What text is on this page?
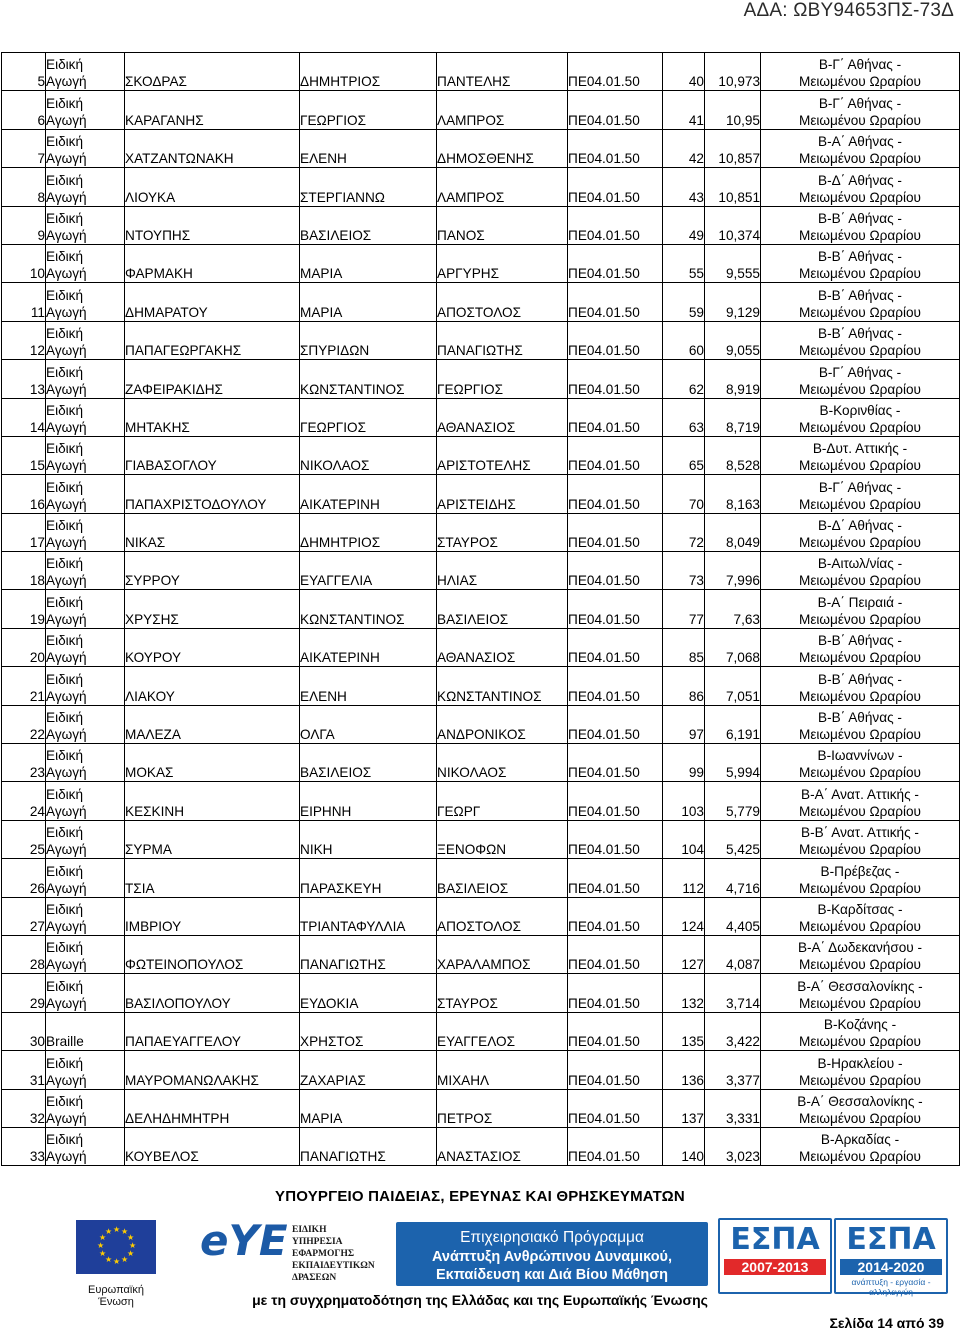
ΑΔΑ: ΩΒΥ94653ΠΣ-73Δ
5	Ειδική
Αγωγή	ΣΚΟΔΡΑΣ	ΔΗΜΗΤΡΙΟΣ	ΠΑΝΤΕΛΗΣ	ΠΕ04.01.50	40	10,973	Β-Γ΄ Αθήνας -
Μειωμένου Ωραρίου

6	Ειδική
Αγωγή	ΚΑΡΑΓΑΝΗΣ	ΓΕΩΡΓΙΟΣ	ΛΑΜΠΡΟΣ	ΠΕ04.01.50	41	10,95	Β-Γ΄ Αθήνας -
Μειωμένου Ωραρίου

7	Ειδική
Αγωγή	ΧΑΤΖΑΝΤΩΝΑΚΗ	ΕΛΕΝΗ	ΔΗΜΟΣΘΕΝΗΣ	ΠΕ04.01.50	42	10,857	Β-Α΄ Αθήνας -
Μειωμένου Ωραρίου

8	Ειδική
Αγωγή	ΛΙΟΥΚΑ	ΣΤΕΡΓΙΑΝΝΩ	ΛΑΜΠΡΟΣ	ΠΕ04.01.50	43	10,851	Β-Δ΄ Αθήνας -
Μειωμένου Ωραρίου

9	Ειδική
Αγωγή	ΝΤΟΥΠΗΣ	ΒΑΣΙΛΕΙΟΣ	ΠΑΝΟΣ	ΠΕ04.01.50	49	10,374	Β-Β΄ Αθήνας -
Μειωμένου Ωραρίου

10	Ειδική
Αγωγή	ΦΑΡΜΑΚΗ	ΜΑΡΙΑ	ΑΡΓΥΡΗΣ	ΠΕ04.01.50	55	9,555	Β-Β΄ Αθήνας -
Μειωμένου Ωραρίου

11	Ειδική
Αγωγή	ΔΗΜΑΡΑΤΟΥ	ΜΑΡΙΑ	ΑΠΟΣΤΟΛΟΣ	ΠΕ04.01.50	59	9,129	Β-Β΄ Αθήνας -
Μειωμένου Ωραρίου

12	Ειδική
Αγωγή	ΠΑΠΑΓΕΩΡΓΑΚΗΣ	ΣΠΥΡΙΔΩΝ	ΠΑΝΑΓΙΩΤΗΣ	ΠΕ04.01.50	60	9,055	Β-Β΄ Αθήνας -
Μειωμένου Ωραρίου

13	Ειδική
Αγωγή	ΖΑΦΕΙΡΑΚΙΔΗΣ	ΚΩΝΣΤΑΝΤΙΝΟΣ	ΓΕΩΡΓΙΟΣ	ΠΕ04.01.50	62	8,919	Β-Γ΄ Αθήνας -
Μειωμένου Ωραρίου

14	Ειδική
Αγωγή	ΜΗΤΑΚΗΣ	ΓΕΩΡΓΙΟΣ	ΑΘΑΝΑΣΙΟΣ	ΠΕ04.01.50	63	8,719	Β-Κορινθίας -
Μειωμένου Ωραρίου

15	Ειδική
Αγωγή	ΓΙΑΒΑΣΟΓΛΟΥ	ΝΙΚΟΛΑΟΣ	ΑΡΙΣΤΟΤΕΛΗΣ	ΠΕ04.01.50	65	8,528	Β-Δυτ. Αττικής -
Μειωμένου Ωραρίου

16	Ειδική
Αγωγή	ΠΑΠΑΧΡΙΣΤΟΔΟΥΛΟΥ	ΑΙΚΑΤΕΡΙΝΗ	ΑΡΙΣΤΕΙΔΗΣ	ΠΕ04.01.50	70	8,163	Β-Γ΄ Αθήνας -
Μειωμένου Ωραρίου

17	Ειδική
Αγωγή	ΝΙΚΑΣ	ΔΗΜΗΤΡΙΟΣ	ΣΤΑΥΡΟΣ	ΠΕ04.01.50	72	8,049	Β-Δ΄ Αθήνας -
Μειωμένου Ωραρίου

18	Ειδική
Αγωγή	ΣΥΡΡΟΥ	ΕΥΑΓΓΕΛΙΑ	ΗΛΙΑΣ	ΠΕ04.01.50	73	7,996	Β-Αιτωλ/νίας -
Μειωμένου Ωραρίου

19	Ειδική
Αγωγή	ΧΡΥΣΗΣ	ΚΩΝΣΤΑΝΤΙΝΟΣ	ΒΑΣΙΛΕΙΟΣ	ΠΕ04.01.50	77	7,63	Β-Α΄ Πειραιά -
Μειωμένου Ωραρίου

20	Ειδική
Αγωγή	ΚΟΥΡΟΥ	ΑΙΚΑΤΕΡΙΝΗ	ΑΘΑΝΑΣΙΟΣ	ΠΕ04.01.50	85	7,068	Β-Β΄ Αθήνας -
Μειωμένου Ωραρίου

21	Ειδική
Αγωγή	ΛΙΑΚΟΥ	ΕΛΕΝΗ	ΚΩΝΣΤΑΝΤΙΝΟΣ	ΠΕ04.01.50	86	7,051	Β-Β΄ Αθήνας -
Μειωμένου Ωραρίου

22	Ειδική
Αγωγή	ΜΑΛΕΖΑ	ΟΛΓΑ	ΑΝΔΡΟΝΙΚΟΣ	ΠΕ04.01.50	97	6,191	Β-Β΄ Αθήνας -
Μειωμένου Ωραρίου

23	Ειδική
Αγωγή	ΜΟΚΑΣ	ΒΑΣΙΛΕΙΟΣ	ΝΙΚΟΛΑΟΣ	ΠΕ04.01.50	99	5,994	Β-Ιωαννίνων -
Μειωμένου Ωραρίου

24	Ειδική
Αγωγή	ΚΕΣΚΙΝΗ	ΕΙΡΗΝΗ	ΓΕΩΡΓ	ΠΕ04.01.50	103	5,779	Β-Α΄ Ανατ. Αττικής -
Μειωμένου Ωραρίου

25	Ειδική
Αγωγή	ΣΥΡΜΑ	ΝΙΚΗ	ΞΕΝΟΦΩΝ	ΠΕ04.01.50	104	5,425	Β-Β΄ Ανατ. Αττικής -
Μειωμένου Ωραρίου

26	Ειδική
Αγωγή	ΤΣΙΑ	ΠΑΡΑΣΚΕΥΗ	ΒΑΣΙΛΕΙΟΣ	ΠΕ04.01.50	112	4,716	Β-Πρέβεζας -
Μειωμένου Ωραρίου

27	Ειδική
Αγωγή	ΙΜΒΡΙΟΥ	ΤΡΙΑΝΤΑΦΥΛΛΙΑ	ΑΠΟΣΤΟΛΟΣ	ΠΕ04.01.50	124	4,405	Β-Καρδίτσας -
Μειωμένου Ωραρίου

28	Ειδική
Αγωγή	ΦΩΤΕΙΝΟΠΟΥΛΟΣ	ΠΑΝΑΓΙΩΤΗΣ	ΧΑΡΑΛΑΜΠΟΣ	ΠΕ04.01.50	127	4,087	Β-Α΄ Δωδεκανήσου -
Μειωμένου Ωραρίου

29	Ειδική
Αγωγή	ΒΑΣΙΛΟΠΟΥΛΟΥ	ΕΥΔΟΚΙΑ	ΣΤΑΥΡΟΣ	ΠΕ04.01.50	132	3,714	Β-Α΄ Θεσσαλονίκης -
Μειωμένου Ωραρίου

30	Braille	ΠΑΠΑΕΥΑΓΓΕΛΟΥ	ΧΡΗΣΤΟΣ	ΕΥΑΓΓΕΛΟΣ	ΠΕ04.01.50	135	3,422	Β-Κοζάνης -
Μειωμένου Ωραρίου

31	Ειδική
Αγωγή	ΜΑΥΡΟΜΑΝΩΛΑΚΗΣ	ΖΑΧΑΡΙΑΣ	ΜΙΧΑΗΛ	ΠΕ04.01.50	136	3,377	Β-Ηρακλείου -
Μειωμένου Ωραρίου

32	Ειδική
Αγωγή	ΔΕΛΗΔΗΜΗΤΡΗ	ΜΑΡΙΑ	ΠΕΤΡΟΣ	ΠΕ04.01.50	137	3,331	Β-Α΄ Θεσσαλονίκης -
Μειωμένου Ωραρίου

33	Ειδική
Αγωγή	ΚΟΥΒΕΛΟΣ	ΠΑΝΑΓΙΩΤΗΣ	ΑΝΑΣΤΑΣΙΟΣ	ΠΕ04.01.50	140	3,023	Β-Αρκαδίας -
Μειωμένου Ωραρίου
ΥΠΟΥΡΓΕΙΟ ΠΑΙΔΕΙΑΣ, ΕΡΕΥΝΑΣ ΚΑΙ ΘΡΗΣΚΕΥΜΑΤΩΝ
★ ★
★
★
★
★
★
★
★
★
★
★
Ευρωπαϊκή Ένωση
eYE ΕΙΔΙΚΗ
ΥΠΗΡΕΣΙΑ
ΕΦΑΡΜΟΓΗΣ
ΕΚΠΑΙΔΕΥΤΙΚΩΝ
ΔΡΑΣΕΩΝ
Επιχειρησιακό Πρόγραμμα
Ανάπτυξη Ανθρώπινου Δυναμικού,
Εκπαίδευση και Διά Βίου Μάθηση
ΕΣΠΑ
2007-2013
ΕΣΠΑ
2014-2020
ανάπτυξη - εργασία - αλληλεγγύη
με τη συγχρηματοδότηση της Ελλάδας και της Ευρωπαϊκής Ένωσης
Σελίδα 14 από 39
